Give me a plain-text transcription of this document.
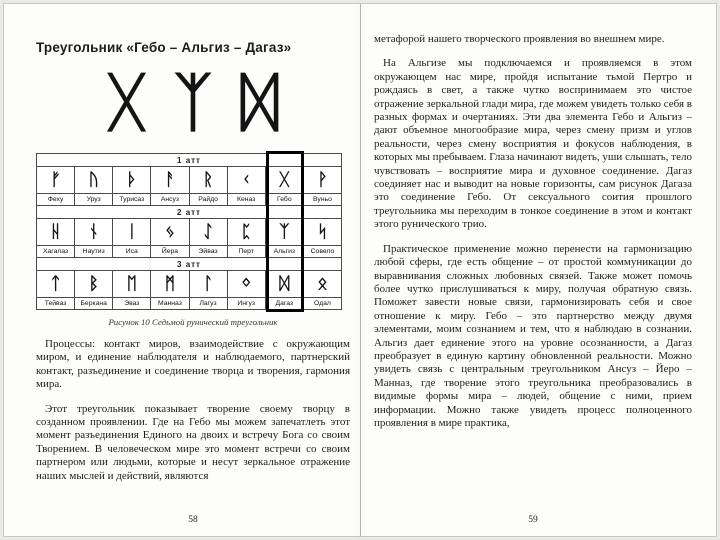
Треугольник «Гебо – Альгиз – Дагаз»
ᚷ ᛉ ᛞ
1 атт							
ᚠ	ᚢ	ᚦ	ᚨ	ᚱ	ᚲ	ᚷ	ᚹ
Феху	Уруз	Турисаз	Ансуз	Райдо	Кеназ	Гебо	Вуньо
2 атт							
ᚺ	ᚾ	ᛁ	ᛃ	ᛇ	ᛈ	ᛉ	ᛋ
Хагалаз	Наутиз	Иса	Йера	Эйваз	Перт	Альгиз	Совело
3 атт							
ᛏ	ᛒ	ᛖ	ᛗ	ᛚ	ᛜ	ᛞ	ᛟ
Тейваз	Беркана	Эваз	Манназ	Лагуз	Ингуз	Дагаз	Одал
Рисунок 10 Седьмой рунический треугольник

Процессы: контакт миров, взаимодействие с окружающим миром, и единение наблюдателя и наблюдаемого, партнерский контакт, разъединение и соединение творца и творения, гармония мира.

Этот треугольник показывает творение своему творцу в созданном проявлении. Где на Гебо мы можем запечатлеть этот момент разъединения Единого на двоих и встречу Бога со своим Творением. В человеческом мире это момент встречи со своим партнером или людьми, которые и несут зеркальное отражение наших мыслей и действий, являются

58

метафорой нашего творческого проявления во внешнем мире.

На Альгизе мы подключаемся и проявляемся в этом окружающем нас мире, пройдя испытание тьмой Пертро и рождаясь в свет, а также чутко воспринимаем это чистое отражение зеркальной глади мира, где можем увидеть только себя в разных формах и очертаниях. Эти два элемента Гебо и Альгиз – дают объемное многообразие мира, через смену призм и углов реальности, через смену восприятия и фокусов наблюдения, в которых мы пребываем. Глаза начинают видеть, уши слышать, тело чувствовать – восприятие мира и духовное соединение. Дагаз соединяет нас и выводит на новые горизонты, сам рисунок Дагаза это соединение Гебо. От сексуального соития прошлого треугольника мы переходим в тонкое соединение в этом и контакт этого рунического трио.

Практическое применение можно перенести на гармонизацию любой сферы, где есть общение – от простой коммуникации до выравнивания сложных любовных связей. Также может помочь более чутко прислушиваться к миру, получая обратную связь. Поможет завести новые связи, гармонизировать себя и свое отношение к миру. Гебо – это партнерство между двумя элементами, моим сознанием и тем, что я наблюдаю в сознании. Альгиз дает единение этого на уровне осознанности, а Дагаз преобразует в единую картину обновленной реальности. Можно увидеть связь с центральным треугольником Ансуз – Йеро – Манназ, где творение этого треугольника преобразовались в видимые формы мира – людей, общение с ними, прием информации. Можно также увидеть процесс полноценного проявления в мире практика,

59
